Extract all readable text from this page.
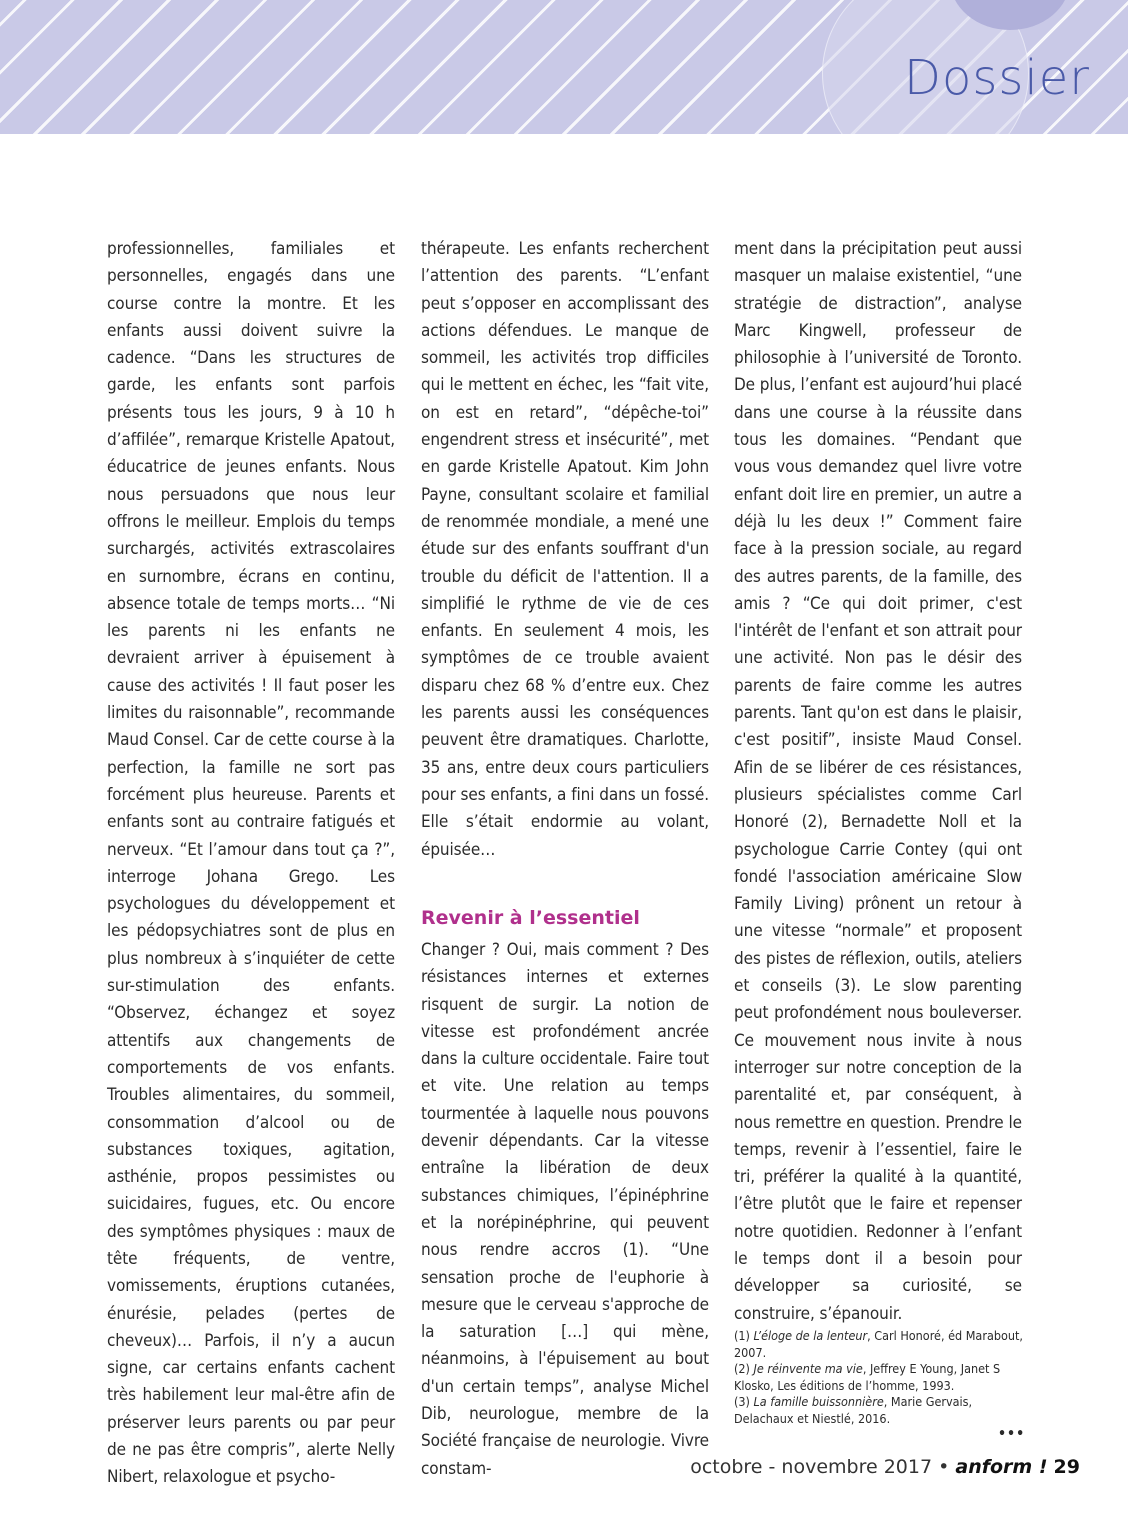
Dossier

professionnelles, familiales et personnelles, engagés dans une course contre la montre. Et les enfants aussi doivent suivre la cadence. “Dans les structures de garde, les enfants sont parfois présents tous les jours, 9 à 10 h d’affilée”, remarque Kristelle Apatout, éducatrice de jeunes enfants. Nous nous persuadons que nous leur offrons le meilleur. Emplois du temps surchargés, activités extrascolaires en surnombre, écrans en continu, absence totale de temps morts… “Ni les parents ni les enfants ne devraient arriver à épuisement à cause des activités ! Il faut poser les limites du raisonnable”, recommande Maud Consel. Car de cette course à la perfection, la famille ne sort pas forcément plus heureuse. Parents et enfants sont au contraire fatigués et nerveux. “Et l’amour dans tout ça ?”, interroge Johana Grego. Les psychologues du développement et les pédopsychiatres sont de plus en plus nombreux à s’inquiéter de cette sur-stimulation des enfants. “Observez, échangez et soyez attentifs aux changements de comportements de vos enfants. Troubles alimentaires, du sommeil, consommation d’alcool ou de substances toxiques, agitation, asthénie, propos pessimistes ou suicidaires, fugues, etc. Ou encore des symptômes physiques : maux de tête fréquents, de ventre, vomissements, éruptions cutanées, énurésie, pelades (pertes de cheveux)… Parfois, il n’y a aucun signe, car certains enfants cachent très habilement leur mal-être afin de préserver leurs parents ou par peur de ne pas être compris”, alerte Nelly Nibert, relaxologue et psycho-

thérapeute. Les enfants recherchent l’attention des parents. “L’enfant peut s’opposer en accomplissant des actions défendues. Le manque de sommeil, les activités trop difficiles qui le mettent en échec, les “fait vite, on est en retard”, “dépêche-toi” engendrent stress et insécurité”, met en garde Kristelle Apatout. Kim John Payne, consultant scolaire et familial de renommée mondiale, a mené une étude sur des enfants souffrant d'un trouble du déficit de l'attention. Il a simplifié le rythme de vie de ces enfants. En seulement 4 mois, les symptômes de ce trouble avaient disparu chez 68 % d’entre eux. Chez les parents aussi les conséquences peuvent être dramatiques. Charlotte, 35 ans, entre deux cours particuliers pour ses enfants, a fini dans un fossé. Elle s’était endormie au volant, épuisée…

Revenir à l’essentiel

Changer ? Oui, mais comment ? Des résistances internes et externes risquent de surgir. La notion de vitesse est profondément ancrée dans la culture occidentale. Faire tout et vite. Une relation au temps tourmentée à laquelle nous pouvons devenir dépendants. Car la vitesse entraîne la libération de deux substances chimiques, l’épinéphrine et la norépinéphrine, qui peuvent nous rendre accros (1). “Une sensation proche de l'euphorie à mesure que le cerveau s'approche de la saturation […] qui mène, néanmoins, à l'épuisement au bout d'un certain temps”, analyse Michel Dib, neurologue, membre de la Société française de neurologie. Vivre constam-

ment dans la précipitation peut aussi masquer un malaise existentiel, “une stratégie de distraction”, analyse Marc Kingwell, professeur de philosophie à l’université de Toronto. De plus, l’enfant est aujourd’hui placé dans une course à la réussite dans tous les domaines. “Pendant que vous vous demandez quel livre votre enfant doit lire en premier, un autre a déjà lu les deux !” Comment faire face à la pression sociale, au regard des autres parents, de la famille, des amis ? “Ce qui doit primer, c'est l'intérêt de l'enfant et son attrait pour une activité. Non pas le désir des parents de faire comme les autres parents. Tant qu'on est dans le plaisir, c'est positif”, insiste Maud Consel. Afin de se libérer de ces résistances, plusieurs spécialistes comme Carl Honoré (2), Bernadette Noll et la psychologue Carrie Contey (qui ont fondé l'association américaine Slow Family Living) prônent un retour à une vitesse “normale” et proposent des pistes de réflexion, outils, ateliers et conseils (3). Le slow parenting peut profondément nous bouleverser. Ce mouvement nous invite à nous interroger sur notre conception de la parentalité et, par conséquent, à nous remettre en question. Prendre le temps, revenir à l’essentiel, faire le tri, préférer la qualité à la quantité, l’être plutôt que le faire et repenser notre quotidien. Redonner à l’enfant le temps dont il a besoin pour développer sa curiosité, se construire, s’épanouir.

(1) L’éloge de la lenteur, Carl Honoré, éd Marabout, 2007.

(2) Je réinvente ma vie, Jeffrey E Young, Janet S Klosko, Les éditions de l’homme, 1993.

(3) La famille buissonnière, Marie Gervais, Delachaux et Niestlé, 2016.

•••
octobre - novembre 2017 • anform ! 29
